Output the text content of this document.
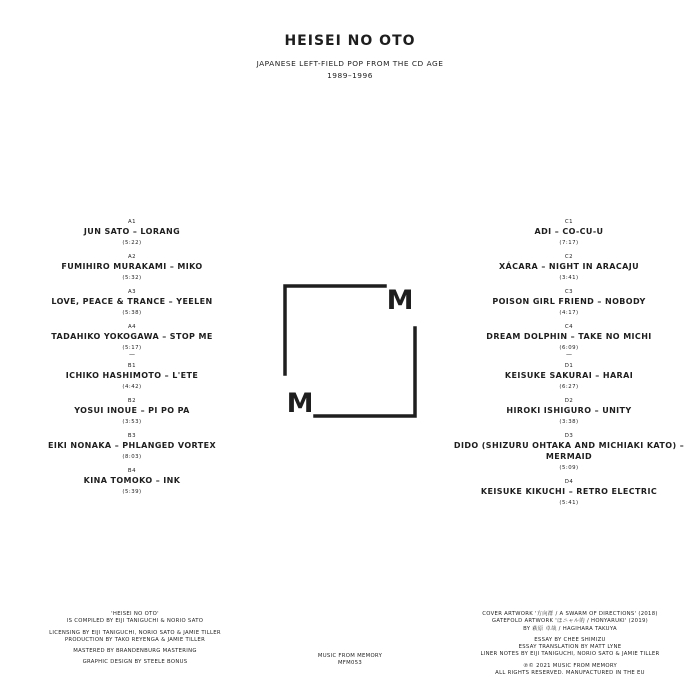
HEISEI NO OTO
JAPANESE LEFT-FIELD POP FROM THE CD AGE
1989–1996
A1
JUN SATO – LORANG
(5:22)
A2
FUMIHIRO MURAKAMI – MIKO
(5:32)
A3
LOVE, PEACE & TRANCE – YEELEN
(5:38)
A4
TADAHIKO YOKOGAWA – STOP ME
(5:17)
—
B1
ICHIKO HASHIMOTO – L'ETE
(4:42)
B2
YOSUI INOUE – PI PO PA
(3:53)
B3
EIKI NONAKA – PHLANGED VORTEX
(8:03)
B4
KINA TOMOKO – INK
(5:39)
C1
ADI – CO-CU-U
(7:17)
C2
XÁCARA – NIGHT IN ARACAJU
(3:41)
C3
POISON GIRL FRIEND – NOBODY
(4:17)
C4
DREAM DOLPHIN – TAKE NO MICHI
(6:09)
—
D1
KEISUKE SAKURAI – HARAI
(6:27)
D2
HIROKI ISHIGURO – UNITY
(3:38)
D3
DIDO (SHIZURU OHTAKA AND MICHIAKI KATO) – MERMAID
(5:09)
D4
KEISUKE KIKUCHI – RETRO ELECTRIC
(5:41)
M
M
'HEISEI NO OTO'
IS COMPILED BY EIJI TANIGUCHI & NORIO SATO
LICENSING BY EIJI TANIGUCHI, NORIO SATO & JAMIE TILLER
PRODUCTION BY TAKO REYENGA & JAMIE TILLER
MASTERED BY BRANDENBURG MASTERING
GRAPHIC DESIGN BY STEELE BONUS
MUSIC FROM MEMORY
MFM053
COVER ARTWORK '方向群 / A SWARM OF DIRECTIONS' (2018)
GATEFOLD ARTWORK 'ほニャル的 / HONYARUKI' (2019)
BY 萩原 卓哉 / HAGIHARA TAKUYA
ESSAY BY CHEE SHIMIZU
ESSAY TRANSLATION BY MATT LYNE
LINER NOTES BY EIJI TANIGUCHI, NORIO SATO & JAMIE TILLER
℗© 2021 MUSIC FROM MEMORY
ALL RIGHTS RESERVED. MANUFACTURED IN THE EU
